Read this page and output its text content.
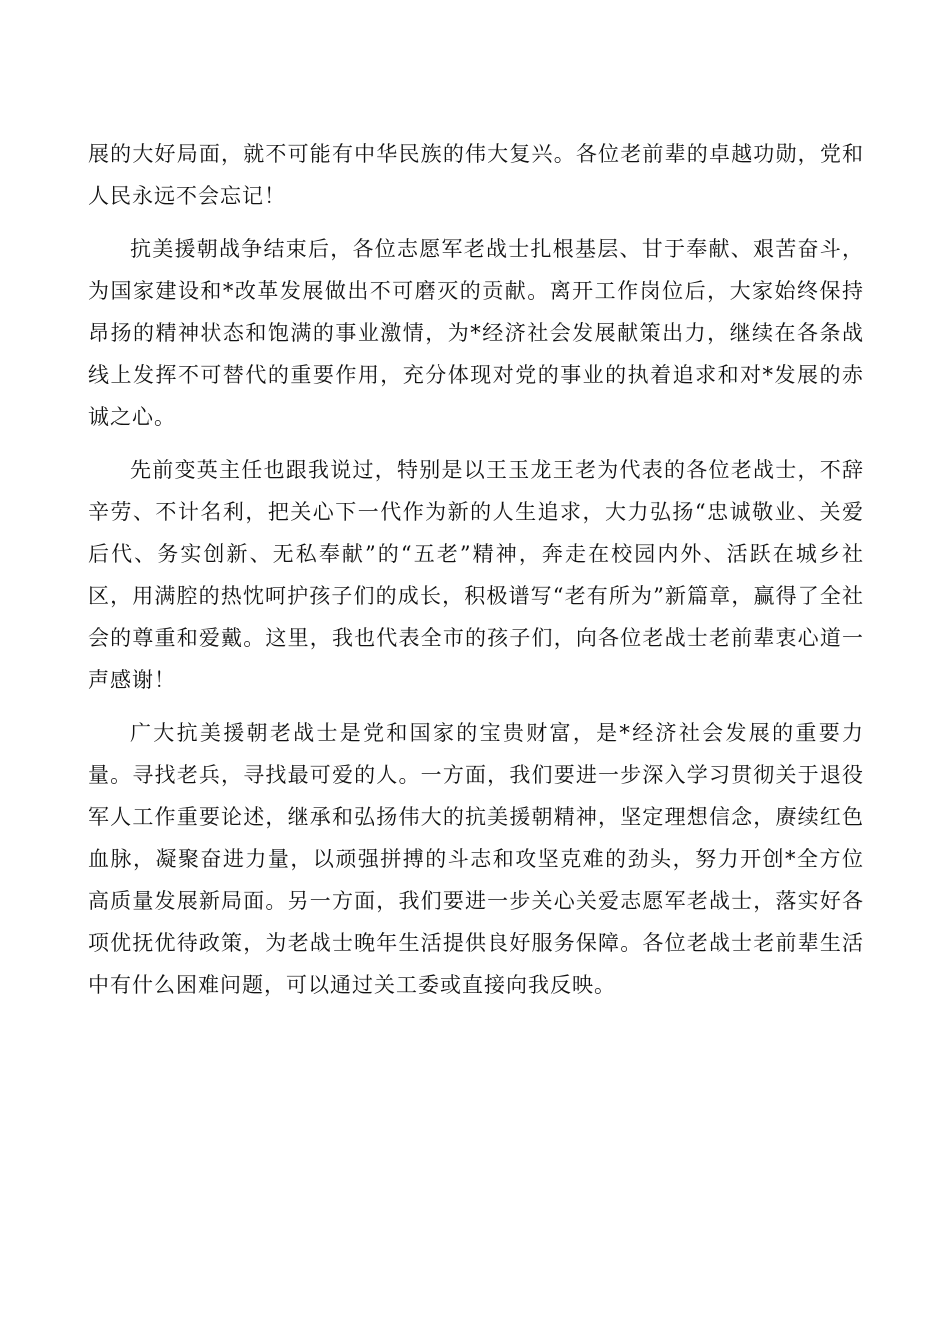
展的大好局面，就不可能有中华民族的伟大复兴。各位老前辈的卓越功勋，党和人民永远不会忘记！

抗美援朝战争结束后，各位志愿军老战士扎根基层、甘于奉献、艰苦奋斗，为国家建设和*改革发展做出不可磨灭的贡献。离开工作岗位后，大家始终保持昂扬的精神状态和饱满的事业激情，为*经济社会发展献策出力，继续在各条战线上发挥不可替代的重要作用，充分体现对党的事业的执着追求和对*发展的赤诚之心。

先前变英主任也跟我说过，特别是以王玉龙王老为代表的各位老战士，不辞辛劳、不计名利，把关心下一代作为新的人生追求，大力弘扬“忠诚敬业、关爱后代、务实创新、无私奉献”的“五老”精神，奔走在校园内外、活跃在城乡社区，用满腔的热忱呵护孩子们的成长，积极谱写“老有所为”新篇章，赢得了全社会的尊重和爱戴。这里，我也代表全市的孩子们，向各位老战士老前辈衷心道一声感谢！

广大抗美援朝老战士是党和国家的宝贵财富，是*经济社会发展的重要力量。寻找老兵，寻找最可爱的人。一方面，我们要进一步深入学习贯彻关于退役军人工作重要论述，继承和弘扬伟大的抗美援朝精神，坚定理想信念，赓续红色血脉，凝聚奋进力量，以顽强拼搏的斗志和攻坚克难的劲头，努力开创*全方位高质量发展新局面。另一方面，我们要进一步关心关爱志愿军老战士，落实好各项优抚优待政策，为老战士晚年生活提供良好服务保障。各位老战士老前辈生活中有什么困难问题，可以通过关工委或直接向我反映。
